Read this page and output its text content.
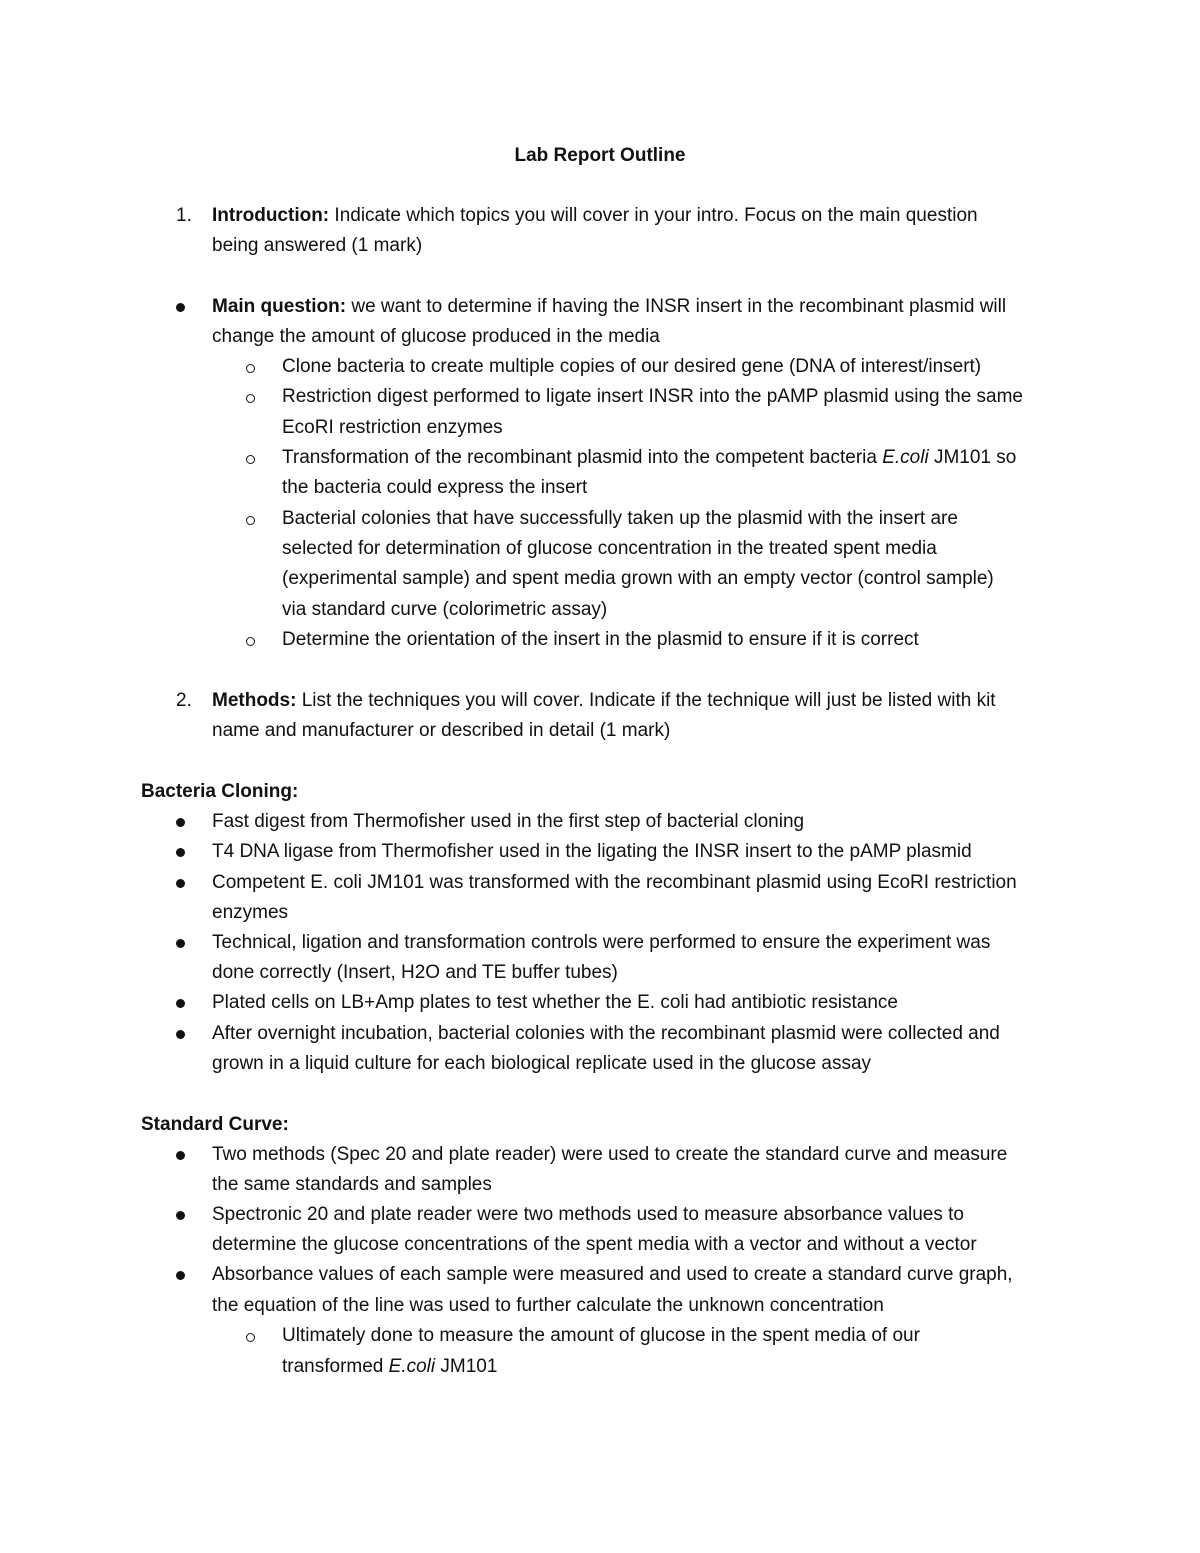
Lab Report Outline
1. Introduction: Indicate which topics you will cover in your intro. Focus on the main question
being answered (1 mark)
Main question: we want to determine if having the INSR insert in the recombinant plasmid will
change the amount of glucose produced in the media
Clone bacteria to create multiple copies of our desired gene (DNA of interest/insert)
Restriction digest performed to ligate insert INSR into the pAMP plasmid using the same
EcoRI restriction enzymes
Transformation of the recombinant plasmid into the competent bacteria E.coli JM101 so
the bacteria could express the insert
Bacterial colonies that have successfully taken up the plasmid with the insert are
selected for determination of glucose concentration in the treated spent media
(experimental sample) and spent media grown with an empty vector (control sample)
via standard curve (colorimetric assay)
Determine the orientation of the insert in the plasmid to ensure if it is correct
2. Methods: List the techniques you will cover. Indicate if the technique will just be listed with kit
name and manufacturer or described in detail (1 mark)
Bacteria Cloning:
Fast digest from Thermofisher used in the first step of bacterial cloning
T4 DNA ligase from Thermofisher used in the ligating the INSR insert to the pAMP plasmid
Competent E. coli JM101 was transformed with the recombinant plasmid using EcoRI restriction
enzymes
Technical, ligation and transformation controls were performed to ensure the experiment was
done correctly (Insert, H2O and TE buffer tubes)
Plated cells on LB+Amp plates to test whether the E. coli had antibiotic resistance
After overnight incubation, bacterial colonies with the recombinant plasmid were collected and
grown in a liquid culture for each biological replicate used in the glucose assay
Standard Curve:
Two methods (Spec 20 and plate reader) were used to create the standard curve and measure
the same standards and samples
Spectronic 20 and plate reader were two methods used to measure absorbance values to
determine the glucose concentrations of the spent media with a vector and without a vector
Absorbance values of each sample were measured and used to create a standard curve graph,
the equation of the line was used to further calculate the unknown concentration
Ultimately done to measure the amount of glucose in the spent media of our
transformed E.coli JM101
